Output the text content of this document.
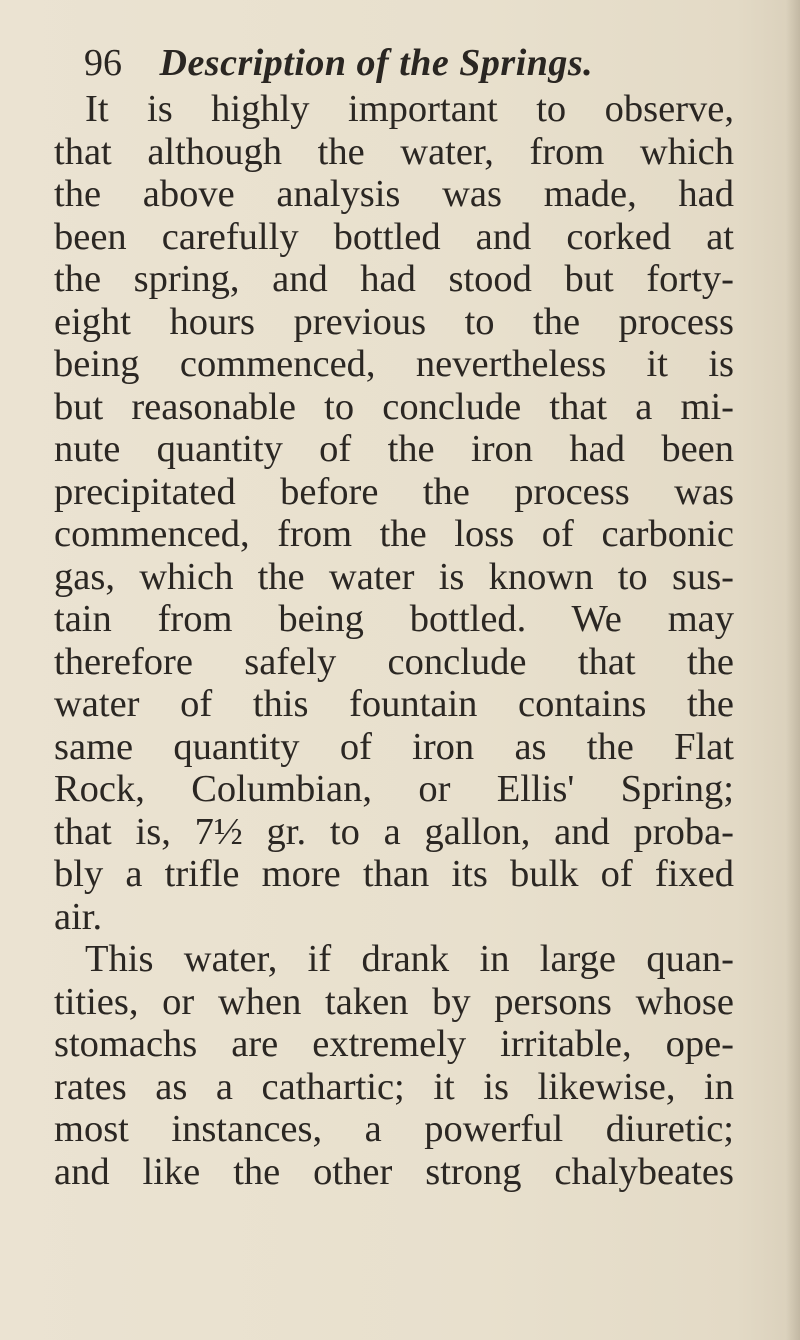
96 Description of the Springs.
It is highly important to observe,
that although the water, from which
the above analysis was made, had
been carefully bottled and corked at
the spring, and had stood but forty-
eight hours previous to the process
being commenced, nevertheless it is
but reasonable to conclude that a mi-
nute quantity of the iron had been
precipitated before the process was
commenced, from the loss of carbonic
gas, which the water is known to sus-
tain from being bottled. We may
therefore safely conclude that the
water of this fountain contains the
same quantity of iron as the Flat
Rock, Columbian, or Ellis' Spring;
that is, 7½ gr. to a gallon, and proba-
bly a trifle more than its bulk of fixed
air.
This water, if drank in large quan-
tities, or when taken by persons whose
stomachs are extremely irritable, ope-
rates as a cathartic; it is likewise, in
most instances, a powerful diuretic;
and like the other strong chalybeates
